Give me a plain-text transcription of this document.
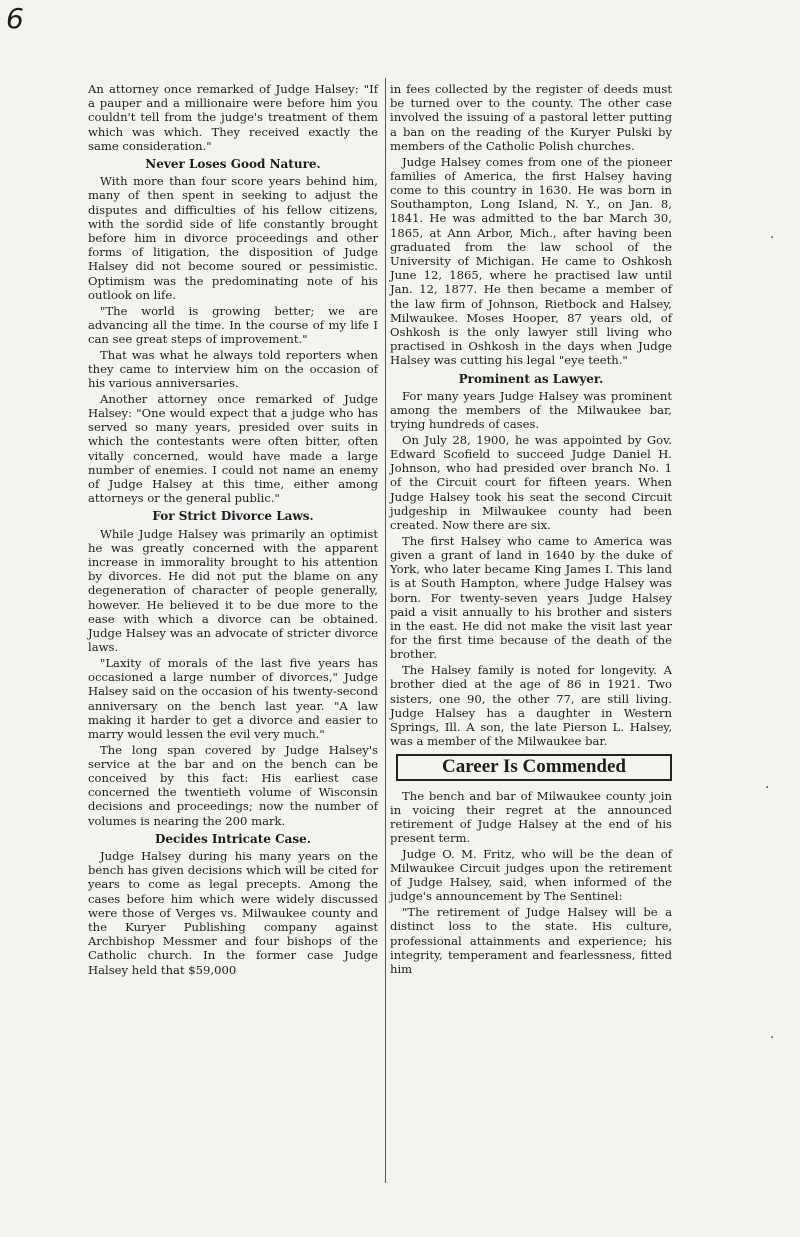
6

An attorney once remarked of Judge Halsey: "If a pauper and a millionaire were before him you couldn't tell from the judge's treatment of them which was which. They received exactly the same consideration."

Never Loses Good Nature.

With more than four score years behind him, many of then spent in seeking to adjust the disputes and difficulties of his fellow citizens, with the sordid side of life constantly brought before him in divorce proceedings and other forms of litigation, the disposition of Judge Halsey did not become soured or pessimistic. Optimism was the predominating note of his outlook on life.

"The world is growing better; we are advancing all the time. In the course of my life I can see great steps of improvement."

That was what he always told reporters when they came to interview him on the occasion of his various anniversaries.

Another attorney once remarked of Judge Halsey: "One would expect that a judge who has served so many years, presided over suits in which the contestants were often bitter, often vitally concerned, would have made a large number of enemies. I could not name an enemy of Judge Halsey at this time, either among attorneys or the general public."

For Strict Divorce Laws.

While Judge Halsey was primarily an optimist he was greatly concerned with the apparent increase in immorality brought to his attention by divorces. He did not put the blame on any degeneration of character of people generally, however. He believed it to be due more to the ease with which a divorce can be obtained. Judge Halsey was an advocate of stricter divorce laws.

"Laxity of morals of the last five years has occasioned a large number of divorces," Judge Halsey said on the occasion of his twenty-second anniversary on the bench last year. "A law making it harder to get a divorce and easier to marry would lessen the evil very much."

The long span covered by Judge Halsey's service at the bar and on the bench can be conceived by this fact: His earliest case concerned the twentieth volume of Wisconsin decisions and proceedings; now the number of volumes is nearing the 200 mark.

Decides Intricate Case.

Judge Halsey during his many years on the bench has given decisions which will be cited for years to come as legal precepts. Among the cases before him which were widely discussed were those of Verges vs. Milwaukee county and the Kuryer Publishing company against Archbishop Messmer and four bishops of the Catholic church. In the former case Judge Halsey held that $59,000

in fees collected by the register of deeds must be turned over to the county. The other case involved the issuing of a pastoral letter putting a ban on the reading of the Kuryer Pulski by members of the Catholic Polish churches.

Judge Halsey comes from one of the pioneer families of America, the first Halsey having come to this country in 1630. He was born in Southampton, Long Island, N. Y., on Jan. 8, 1841. He was admitted to the bar March 30, 1865, at Ann Arbor, Mich., after having been graduated from the law school of the University of Michigan. He came to Oshkosh June 12, 1865, where he practised law until Jan. 12, 1877. He then became a member of the law firm of Johnson, Rietbock and Halsey, Milwaukee. Moses Hooper, 87 years old, of Oshkosh is the only lawyer still living who practised in Oshkosh in the days when Judge Halsey was cutting his legal "eye teeth."

Prominent as Lawyer.

For many years Judge Halsey was prominent among the members of the Milwaukee bar, trying hundreds of cases.

On July 28, 1900, he was appointed by Gov. Edward Scofield to succeed Judge Daniel H. Johnson, who had presided over branch No. 1 of the Circuit court for fifteen years. When Judge Halsey took his seat the second Circuit judgeship in Milwaukee county had been created. Now there are six.

The first Halsey who came to America was given a grant of land in 1640 by the duke of York, who later became King James I. This land is at South Hampton, where Judge Halsey was born. For twenty-seven years Judge Halsey paid a visit annually to his brother and sisters in the east. He did not make the visit last year for the first time because of the death of the brother.

The Halsey family is noted for longevity. A brother died at the age of 86 in 1921. Two sisters, one 90, the other 77, are still living. Judge Halsey has a daughter in Western Springs, Ill. A son, the late Pierson L. Halsey, was a member of the Milwaukee bar.

Career Is Commended

The bench and bar of Milwaukee county join in voicing their regret at the announced retirement of Judge Halsey at the end of his present term.

Judge O. M. Fritz, who will be the dean of Milwaukee Circuit judges upon the retirement of Judge Halsey, said, when informed of the judge's announcement by The Sentinel:

"The retirement of Judge Halsey will be a distinct loss to the state. His culture, professional attainments and experience; his integrity, temperament and fearlessness, fitted him

·
·
·
